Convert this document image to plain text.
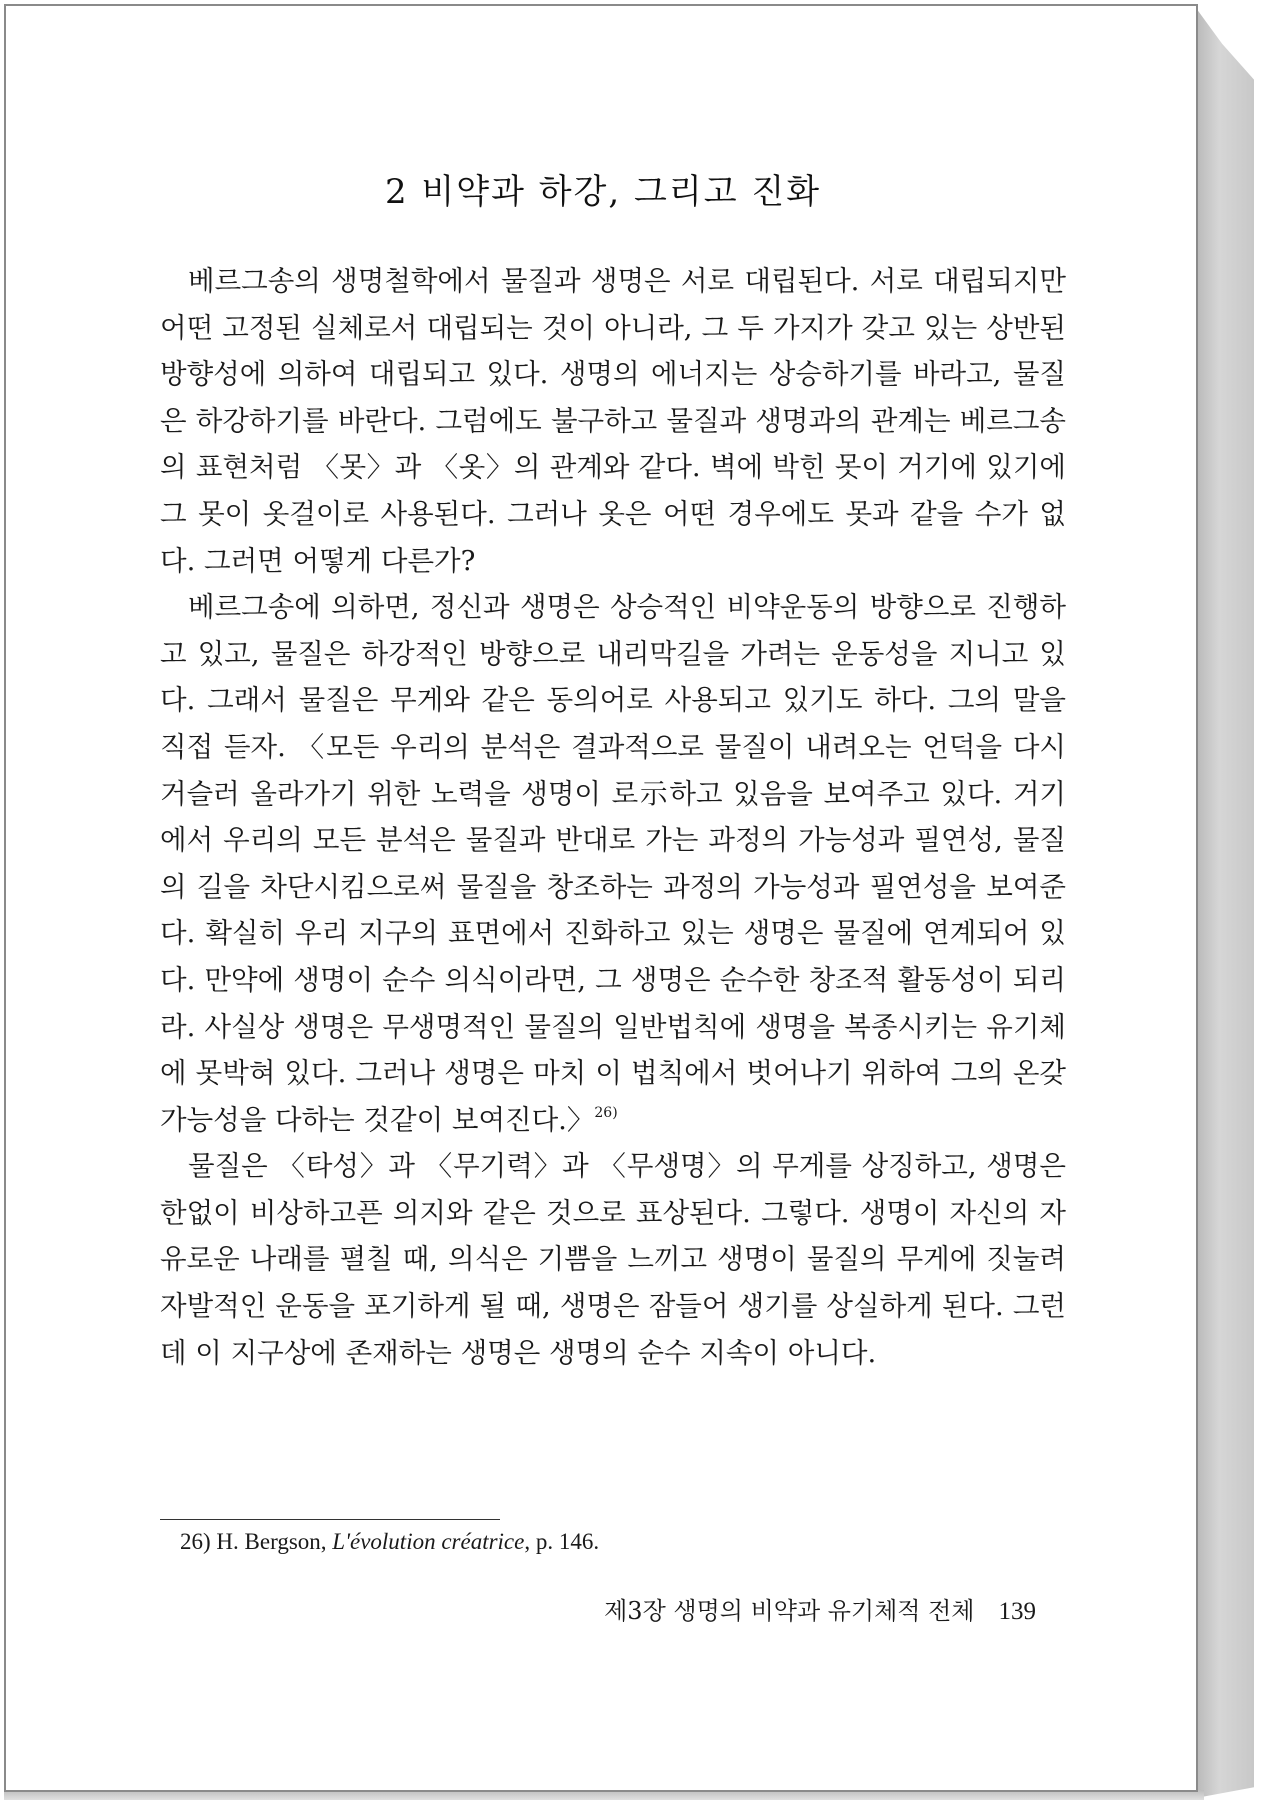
2 비약과 하강, 그리고 진화

베르그송의 생명철학에서 물질과 생명은 서로 대립된다. 서로 대립되지만 어떤 고정된 실체로서 대립되는 것이 아니라, 그 두 가지가 갖고 있는 상반된 방향성에 의하여 대립되고 있다. 생명의 에너지는 상승하기를 바라고, 물질은 하강하기를 바란다. 그럼에도 불구하고 물질과 생명과의 관계는 베르그송의 표현처럼 〈못〉과 〈옷〉의 관계와 같다. 벽에 박힌 못이 거기에 있기에 그 못이 옷걸이로 사용된다. 그러나 옷은 어떤 경우에도 못과 같을 수가 없다. 그러면 어떻게 다른가?

베르그송에 의하면, 정신과 생명은 상승적인 비약운동의 방향으로 진행하고 있고, 물질은 하강적인 방향으로 내리막길을 가려는 운동성을 지니고 있다. 그래서 물질은 무게와 같은 동의어로 사용되고 있기도 하다. 그의 말을 직접 듣자. 〈모든 우리의 분석은 결과적으로 물질이 내려오는 언덕을 다시 거슬러 올라가기 위한 노력을 생명이 로示하고 있음을 보여주고 있다. 거기에서 우리의 모든 분석은 물질과 반대로 가는 과정의 가능성과 필연성, 물질의 길을 차단시킴으로써 물질을 창조하는 과정의 가능성과 필연성을 보여준다. 확실히 우리 지구의 표면에서 진화하고 있는 생명은 물질에 연계되어 있다. 만약에 생명이 순수 의식이라면, 그 생명은 순수한 창조적 활동성이 되리라. 사실상 생명은 무생명적인 물질의 일반법칙에 생명을 복종시키는 유기체에 못박혀 있다. 그러나 생명은 마치 이 법칙에서 벗어나기 위하여 그의 온갖 가능성을 다하는 것같이 보여진다.〉$^{26)}$

물질은 〈타성〉과 〈무기력〉과 〈무생명〉의 무게를 상징하고, 생명은 한없이 비상하고픈 의지와 같은 것으로 표상된다. 그렇다. 생명이 자신의 자유로운 나래를 펼칠 때, 의식은 기쁨을 느끼고 생명이 물질의 무게에 짓눌려 자발적인 운동을 포기하게 될 때, 생명은 잠들어 생기를 상실하게 된다. 그런데 이 지구상에 존재하는 생명은 생명의 순수 지속이 아니다.

26) H. Bergson, L'évolution créatrice, p. 146.
제3장 생명의 비약과 유기체적 전체 139
